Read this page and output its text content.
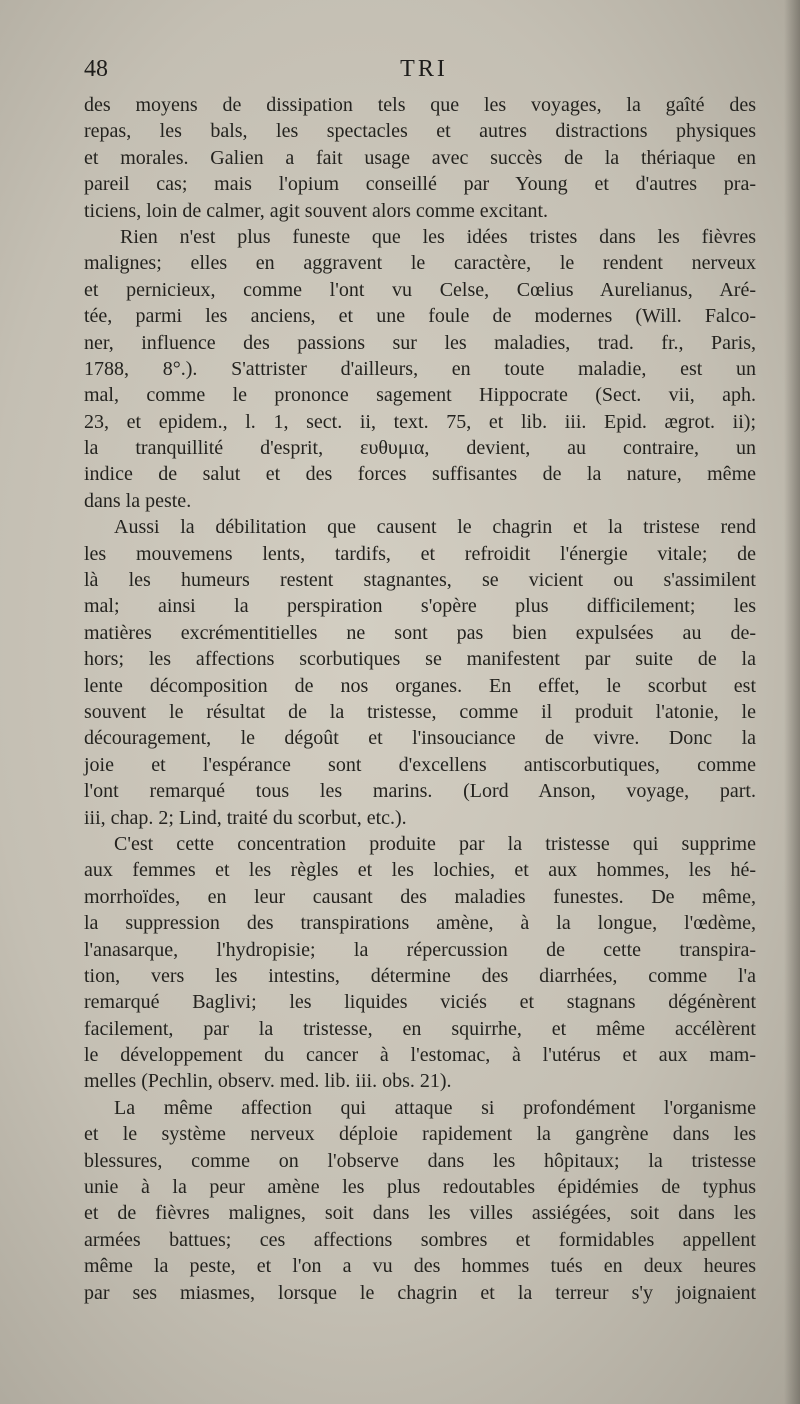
48	TRI
des moyens de dissipation tels que les voyages, la gaîté des
repas, les bals, les spectacles et autres distractions physiques
et morales. Galien a fait usage avec succès de la thériaque en
pareil cas; mais l'opium conseillé par Young et d'autres pra-
ticiens, loin de calmer, agit souvent alors comme excitant.
Rien n'est plus funeste que les idées tristes dans les fièvres
malignes; elles en aggravent le caractère, le rendent nerveux
et pernicieux, comme l'ont vu Celse, Cœlius Aurelianus, Aré-
tée, parmi les anciens, et une foule de modernes (Will. Falco-
ner, influence des passions sur les maladies, trad. fr., Paris,
1788, 8°.). S'attrister d'ailleurs, en toute maladie, est un
mal, comme le prononce sagement Hippocrate (Sect. vii, aph.
23, et epidem., l. 1, sect. ii, text. 75, et lib. iii. Epid. ægrot. ii);
la tranquillité d'esprit, ευθυμια, devient, au contraire, un
indice de salut et des forces suffisantes de la nature, même
dans la peste.
Aussi la débilitation que causent le chagrin et la tristese rend
les mouvemens lents, tardifs, et refroidit l'énergie vitale; de
là les humeurs restent stagnantes, se vicient ou s'assimilent
mal; ainsi la perspiration s'opère plus difficilement; les
matières excrémentitielles ne sont pas bien expulsées au de-
hors; les affections scorbutiques se manifestent par suite de la
lente décomposition de nos organes. En effet, le scorbut est
souvent le résultat de la tristesse, comme il produit l'atonie, le
découragement, le dégoût et l'insouciance de vivre. Donc la
joie et l'espérance sont d'excellens antiscorbutiques, comme
l'ont remarqué tous les marins. (Lord Anson, voyage, part.
iii, chap. 2; Lind, traité du scorbut, etc.).
C'est cette concentration produite par la tristesse qui supprime
aux femmes et les règles et les lochies, et aux hommes, les hé-
morrhoïdes, en leur causant des maladies funestes. De même,
la suppression des transpirations amène, à la longue, l'œdème,
l'anasarque, l'hydropisie; la répercussion de cette transpira-
tion, vers les intestins, détermine des diarrhées, comme l'a
remarqué Baglivi; les liquides viciés et stagnans dégénèrent
facilement, par la tristesse, en squirrhe, et même accélèrent
le développement du cancer à l'estomac, à l'utérus et aux mam-
melles (Pechlin, observ. med. lib. iii. obs. 21).
La même affection qui attaque si profondément l'organisme
et le système nerveux déploie rapidement la gangrène dans les
blessures, comme on l'observe dans les hôpitaux; la tristesse
unie à la peur amène les plus redoutables épidémies de typhus
et de fièvres malignes, soit dans les villes assiégées, soit dans les
armées battues; ces affections sombres et formidables appellent
même la peste, et l'on a vu des hommes tués en deux heures
par ses miasmes, lorsque le chagrin et la terreur s'y joignaient
